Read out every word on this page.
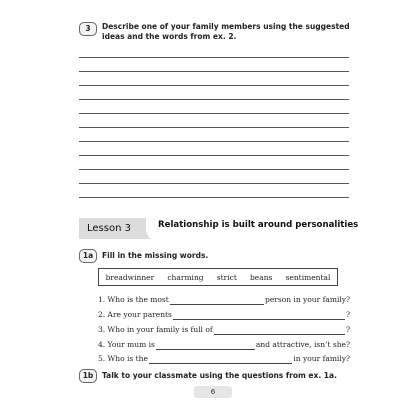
3	Describe one of your family members using the suggested ideas and the words from ex. 2.
Lesson 3	Relationship is built around personalities
1a	Fill in the missing words.
breadwinner charming strict beans sentimental
1. Who is the most	person in your family?
2. Are your parents	?
3. Who in your family is full of	?
4. Your mum is	and attractive, isn’t she?
5. Who is the	in your family?
1b	Talk to your classmate using the questions from ex. 1a.
6
